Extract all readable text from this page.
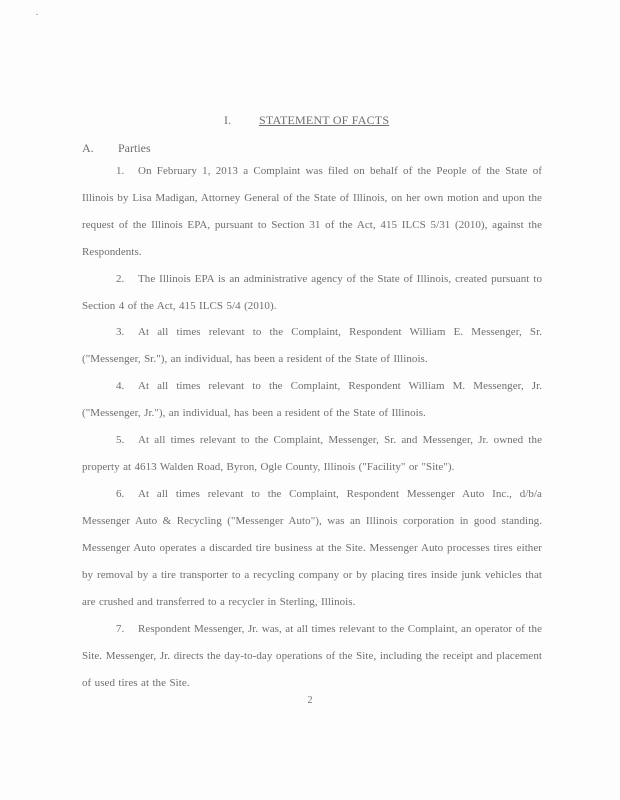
I. STATEMENT OF FACTS
A. Parties
1. On February 1, 2013 a Complaint was filed on behalf of the People of the State of Illinois by Lisa Madigan, Attorney General of the State of Illinois, on her own motion and upon the request of the Illinois EPA, pursuant to Section 31 of the Act, 415 ILCS 5/31 (2010), against the Respondents.
2. The Illinois EPA is an administrative agency of the State of Illinois, created pursuant to Section 4 of the Act, 415 ILCS 5/4 (2010).
3. At all times relevant to the Complaint, Respondent William E. Messenger, Sr. ("Messenger, Sr."), an individual, has been a resident of the State of Illinois.
4. At all times relevant to the Complaint, Respondent William M. Messenger, Jr. ("Messenger, Jr."), an individual, has been a resident of the State of Illinois.
5. At all times relevant to the Complaint, Messenger, Sr. and Messenger, Jr. owned the property at 4613 Walden Road, Byron, Ogle County, Illinois ("Facility" or "Site").
6. At all times relevant to the Complaint, Respondent Messenger Auto Inc., d/b/a Messenger Auto & Recycling ("Messenger Auto"), was an Illinois corporation in good standing. Messenger Auto operates a discarded tire business at the Site. Messenger Auto processes tires either by removal by a tire transporter to a recycling company or by placing tires inside junk vehicles that are crushed and transferred to a recycler in Sterling, Illinois.
7. Respondent Messenger, Jr. was, at all times relevant to the Complaint, an operator of the Site. Messenger, Jr. directs the day-to-day operations of the Site, including the receipt and placement of used tires at the Site.
2
